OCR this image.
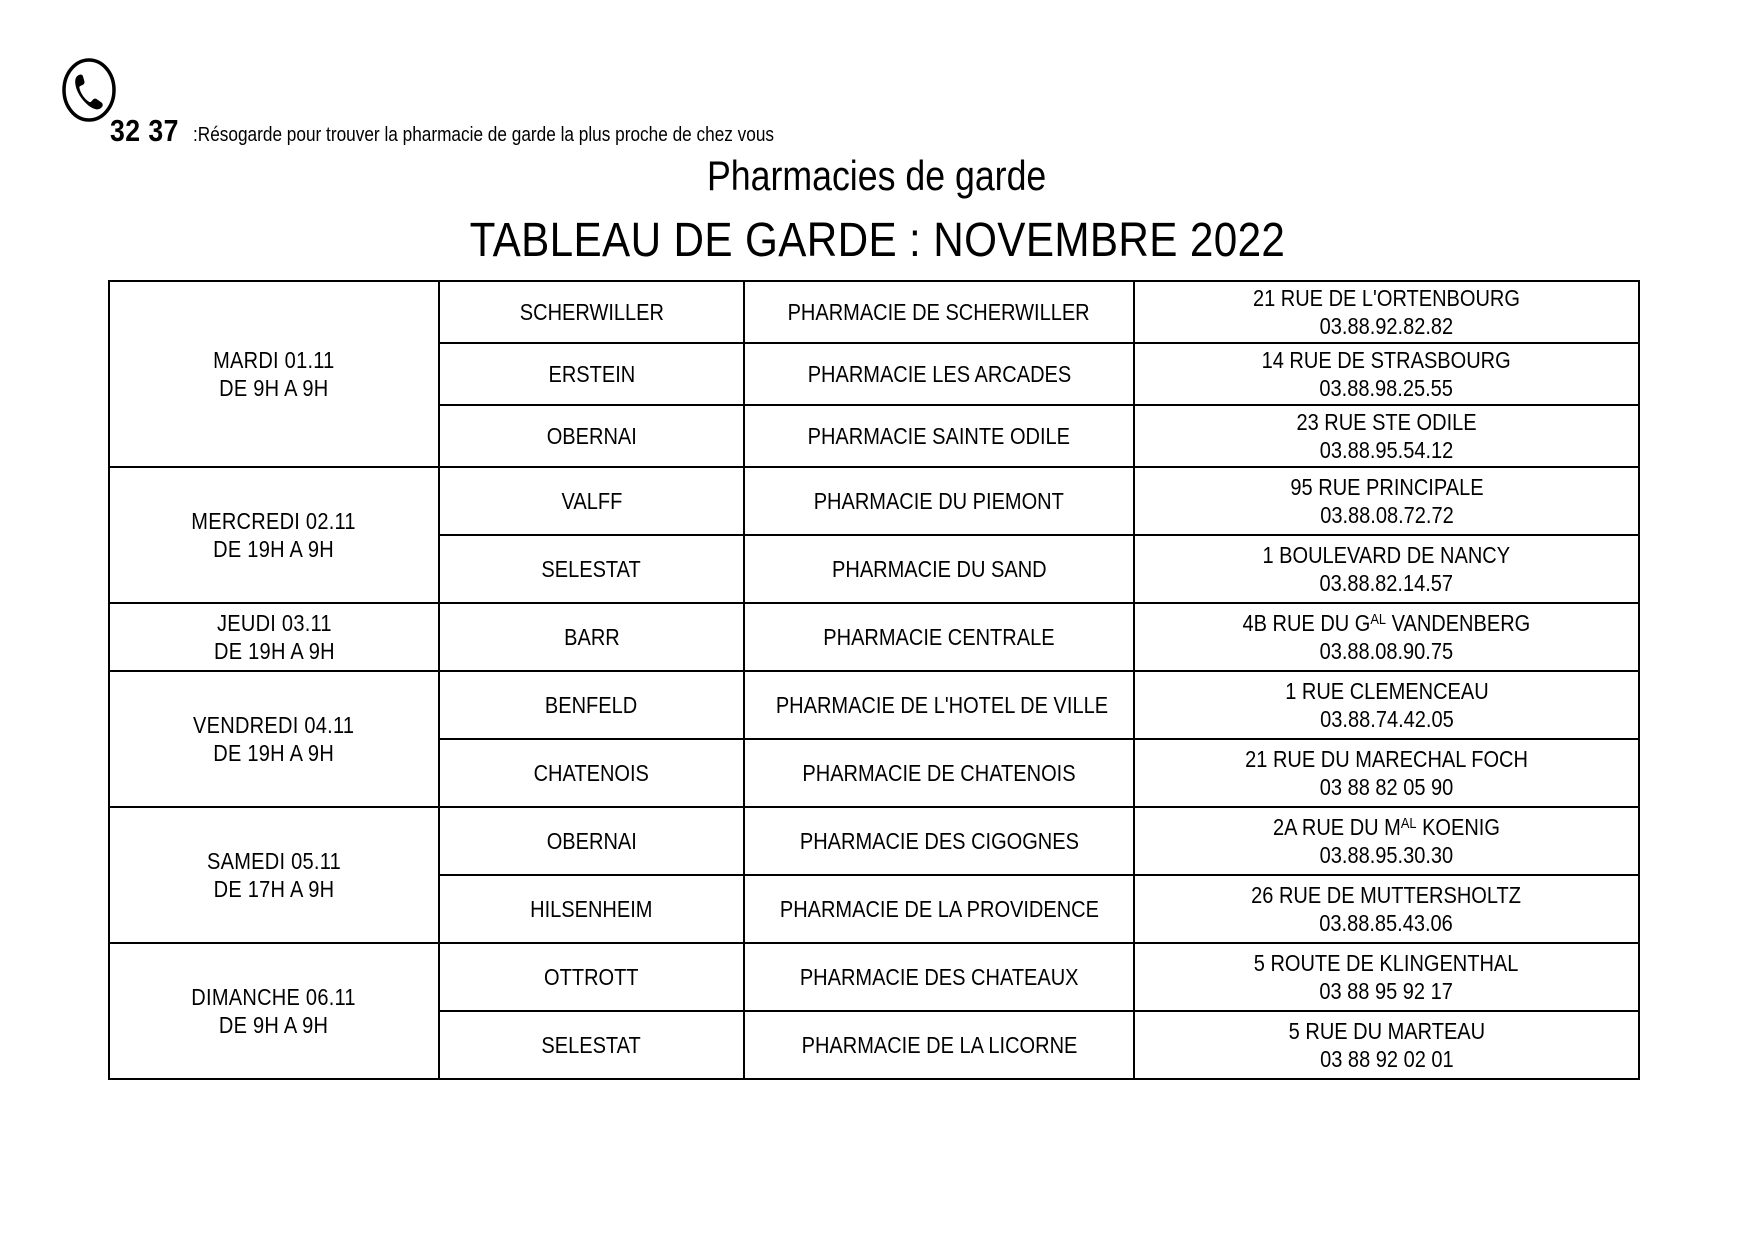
32 37 :Résogarde pour trouver la pharmacie de garde la plus proche de chez vous
Pharmacies de garde
TABLEAU DE GARDE : NOVEMBRE 2022
MARDI 01.11
DE 9H A 9H	SCHERWILLER	PHARMACIE DE SCHERWILLER	21 RUE DE L'ORTENBOURG
03.88.92.82.82

	ERSTEIN	PHARMACIE LES ARCADES	14 RUE DE STRASBOURG
03.88.98.25.55

	OBERNAI	PHARMACIE SAINTE ODILE	23 RUE STE ODILE
03.88.95.54.12

MERCREDI 02.11
DE 19H A 9H	VALFF	PHARMACIE DU PIEMONT	95 RUE PRINCIPALE
03.88.08.72.72

	SELESTAT	PHARMACIE DU SAND	1 BOULEVARD DE NANCY
03.88.82.14.57

JEUDI 03.11
DE 19H A 9H	BARR	PHARMACIE CENTRALE	4B RUE DU $G^{AL}$ VANDENBERG
03.88.08.90.75

VENDREDI 04.11
DE 19H A 9H	BENFELD	PHARMACIE DE L'HOTEL DE VILLE	1 RUE CLEMENCEAU
03.88.74.42.05

	CHATENOIS	PHARMACIE DE CHATENOIS	21 RUE DU MARECHAL FOCH
03 88 82 05 90

SAMEDI 05.11
DE 17H A 9H	OBERNAI	PHARMACIE DES CIGOGNES	2A RUE DU $M^{AL}$ KOENIG
03.88.95.30.30

	HILSENHEIM	PHARMACIE DE LA PROVIDENCE	26 RUE DE MUTTERSHOLTZ
03.88.85.43.06

DIMANCHE 06.11
DE 9H A 9H	OTTROTT	PHARMACIE DES CHATEAUX	5 ROUTE DE KLINGENTHAL
03 88 95 92 17

	SELESTAT	PHARMACIE DE LA LICORNE	5 RUE DU MARTEAU
03 88 92 02 01
